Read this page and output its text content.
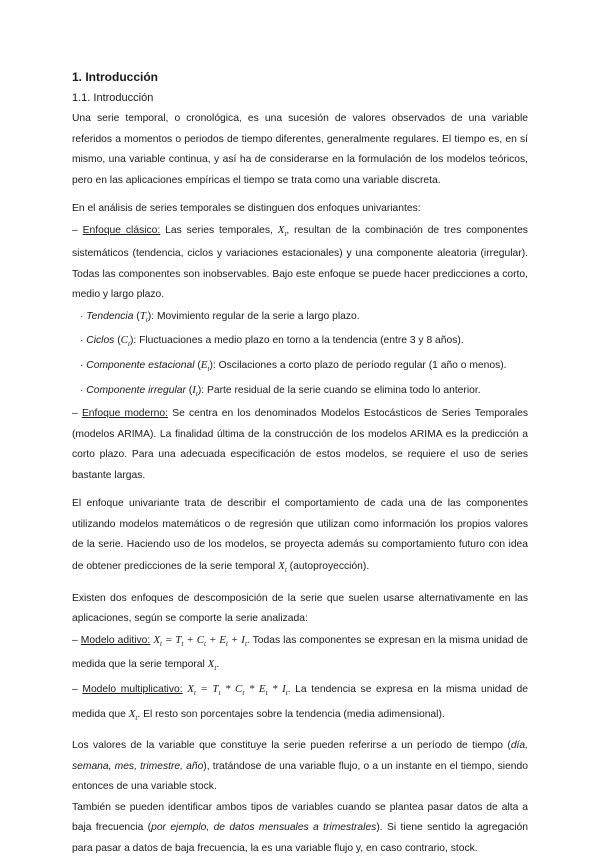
1. Introducción
1.1. Introducción

Una serie temporal, o cronológica, es una sucesión de valores observados de una variable referidos a momentos o periodos de tiempo diferentes, generalmente regulares. El tiempo es, en sí mismo, una variable continua, y así ha de considerarse en la formulación de los modelos teóricos, pero en las aplicaciones empíricas el tiempo se trata como una variable discreta.

En el análisis de series temporales se distinguen dos enfoques univariantes:

– Enfoque clásico: Las series temporales, $X_t$, resultan de la combinación de tres componentes sistemáticos (tendencia, ciclos y variaciones estacionales) y una componente aleatoria (irregular). Todas las componentes son inobservables. Bajo este enfoque se puede hacer predicciones a corto, medio y largo plazo.

· Tendencia $(T_t)$: Movimiento regular de la serie a largo plazo.
· Ciclos $(C_t)$: Fluctuaciones a medio plazo en torno a la tendencia (entre 3 y 8 años).
· Componente estacional $(E_t)$: Oscilaciones a corto plazo de período regular (1 año o menos).
· Componente irregular $(I_t)$: Parte residual de la serie cuando se elimina todo lo anterior.

– Enfoque moderno: Se centra en los denominados Modelos Estocásticos de Series Temporales (modelos ARIMA). La finalidad última de la construcción de los modelos ARIMA es la predicción a corto plazo. Para una adecuada especificación de estos modelos, se requiere el uso de series bastante largas.

El enfoque univariante trata de describir el comportamiento de cada una de las componentes utilizando modelos matemáticos o de regresión que utilizan como información los propios valores de la serie. Haciendo uso de los modelos, se proyecta además su comportamiento futuro con idea de obtener predicciones de la serie temporal $X_t$ (autoproyección).

Existen dos enfoques de descomposición de la serie que suelen usarse alternativamente en las aplicaciones, según se comporte la serie analizada:

– Modelo aditivo: $X_t = T_t + C_t + E_t + I_t$. Todas las componentes se expresan en la misma unidad de medida que la serie temporal $X_t$.

– Modelo multiplicativo: $X_t = T_t * C_t * E_t * I_t$. La tendencia se expresa en la misma unidad de medida que $X_t$. El resto son porcentajes sobre la tendencia (media adimensional).

Los valores de la variable que constituye la serie pueden referirse a un período de tiempo (día, semana, mes, trimestre, año), tratándose de una variable flujo, o a un instante en el tiempo, siendo entonces de una variable stock.

También se pueden identificar ambos tipos de variables cuando se plantea pasar datos de alta a baja frecuencia (por ejemplo, de datos mensuales a trimestrales). Si tiene sentido la agregación para pasar a datos de baja frecuencia, la es una variable flujo y, en caso contrario, stock.
